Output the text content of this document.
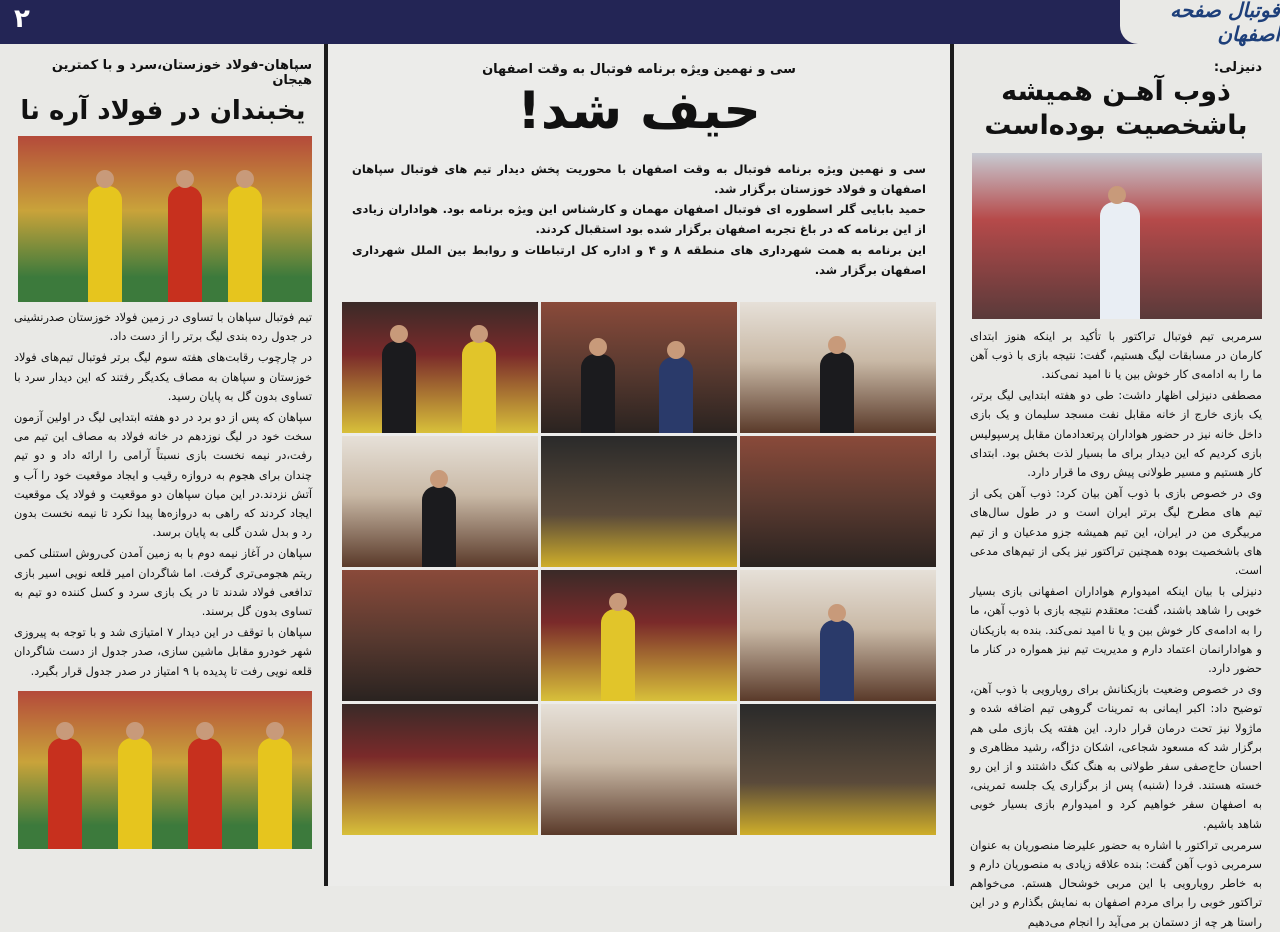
۲	فوتبال صفحه اصفهان
دنیزلی:
ذوب آهـن همیشه
باشخصیت بوده‌است

سرمربی تیم فوتبال تراکتور با تأکید بر اینکه هنوز ابتدای کارمان در مسابقات لیگ هستیم، گفت: نتیجه بازی با ذوب آهن ما را به ادامه‌ی کار خوش بین یا نا امید نمی‌کند.

مصطفی دنیزلی اظهار داشت: طی دو هفته ابتدایی لیگ برتر، یک بازی خارج از خانه مقابل نفت مسجد سلیمان و یک بازی داخل خانه نیز در حضور هواداران پرتعدادمان مقابل پرسپولیس بازی کردیم که این دیدار برای ما بسیار لذت بخش بود. ابتدای کار هستیم و مسیر طولانی پیش روی ما قرار دارد.

وی در خصوص بازی با ذوب آهن بیان کرد: ذوب آهن یکی از تیم های مطرح لیگ برتر ایران است و در طول سال‌های مربیگری من در ایران، این تیم همیشه جزو مدعیان و از تیم های باشخصیت بوده همچنین تراکتور نیز یکی از تیم‌های مدعی است.

دنیزلی با بیان اینکه امیدوارم هواداران اصفهانی بازی بسیار خوبی را شاهد باشند، گفت: معتقدم نتیجه بازی با ذوب آهن، ما را به ادامه‌ی کار خوش بین و یا نا امید نمی‌کند. بنده به بازیکنان و هوادارانمان اعتماد دارم و مدیریت تیم نیز همواره در کنار ما حضور دارد.

وی در خصوص وضعیت بازیکنانش برای رویارویی با ذوب آهن، توضیح داد: اکبر ایمانی به تمرینات گروهی تیم اضافه شده و ماژولا نیز تحت درمان قرار دارد. این هفته یک بازی ملی هم برگزار شد که مسعود شجاعی، اشکان دژاگه، رشید مظاهری و احسان حاج‌صفی سفر طولانی به هنگ کنگ داشتند و از این رو خسته هستند. فردا (شنبه) پس از برگزاری یک جلسه تمرینی، به اصفهان سفر خواهیم کرد و امیدوارم بازی بسیار خوبی شاهد باشیم.

سرمربی تراکتور با اشاره به حضور علیرضا منصوریان به عنوان سرمربی ذوب آهن گفت: بنده علاقه زیادی به منصوریان دارم و به خاطر رویارویی با این مربی خوشحال هستم. می‌خواهم تراکتور خوبی را برای مردم اصفهان به نمایش بگذارم و در این راستا هر چه از دستمان بر می‌آید را انجام می‌دهیم

سی و نهمین ویژه برنامه فوتبال به وقت اصفهان
حیف شد!

سی و نهمین ویژه برنامه فوتبال به وقت اصفهان با محوریت پخش دیدار تیم های فوتبال سپاهان اصفهان و فولاد خوزستان برگزار شد.

حمید بابایی گلر اسطوره ای فوتبال اصفهان مهمان و کارشناس این ویژه برنامه بود. هواداران زیادی از این برنامه که در باغ تجربه اصفهان برگزار شده بود استقبال کردند.

این برنامه به همت شهرداری های منطقه ۸ و ۴ و اداره کل ارتباطات و روابط بین الملل شهرداری اصفهان برگزار شد.

سپاهان-فولاد خوزستان،سرد و با کمترین هیجان
یخبندان در فولاد آره نا

تیم فوتبال سپاهان با تساوی در زمین فولاد خوزستان صدرنشینی در جدول رده بندی لیگ برتر را از دست داد.

در چارچوب رقابت‌های هفته سوم لیگ برتر فوتبال تیم‌های فولاد خوزستان و سپاهان به مصاف یکدیگر رفتند که این دیدار سرد با تساوی بدون گل به پایان رسید.

سپاهان که پس از دو برد در دو هفته ابتدایی لیگ در اولین آزمون سخت خود در لیگ نوزدهم در خانه فولاد به مصاف این تیم می رفت،در نیمه نخست بازی نسبتاً آرامی را ارائه داد و دو تیم چندان برای هجوم به دروازه رقیب و ایجاد موقعیت خود را آب و آتش نزدند.در این میان سپاهان دو موقعیت و فولاد یک موقعیت ایجاد کردند که راهی به دروازه‌ها پیدا نکرد تا نیمه نخست بدون رد و بدل شدن گلی به پایان برسد.

سپاهان در آغاز نیمه دوم با به زمین آمدن کی‌روش استنلی کمی ریتم هجومی‌تری گرفت. اما شاگردان امیر قلعه نویی اسیر بازی تدافعی فولاد شدند تا در یک بازی سرد و کسل کننده دو تیم به تساوی بدون گل برسند.

سپاهان با توقف در این دیدار ۷ امتیازی شد و با توجه به پیروزی شهر خودرو مقابل ماشین سازی، صدر جدول از دست شاگردان قلعه نویی رفت تا پدیده با ۹ امتیاز در صدر جدول قرار بگیرد.
